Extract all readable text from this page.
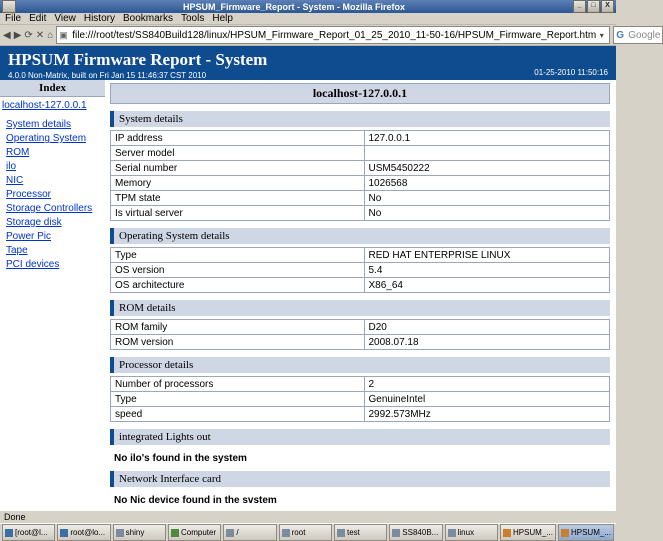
HPSUM_Firmware_Report - System - Mozilla Firefox	_	□	X
File Edit View History Bookmarks Tools Help
◀ ▶ ⟳ ✕ ⌂ ▣ file:///root/test/SS840Build128/linux/HPSUM_Firmware_Report_01_25_2010_11-50-16/HPSUM_Firmware_Report.htm ▾	G Google
HPSUM Firmware Report - System
4.0.0 Non-Matrix, built on Fri Jan 15 11:46:37 CST 2010	01-25-2010 11:50:16
Index
localhost-127.0.0.1
System details
Operating System
ROM
ilo
NIC
Processor
Storage Controllers
Storage disk
Power Pic
Tape
PCI devices
localhost-127.0.0.1
System details
IP address	127.0.0.1
Server model	
Serial number	USM5450222
Memory	1026568
TPM state	No
Is virtual server	No
Operating System details
Type	RED HAT ENTERPRISE LINUX
OS version	5.4
OS architecture	X86_64
ROM details
ROM family	D20
ROM version	2008.07.18
Processor details
Number of processors	2
Type	GenuineIntel
speed	2992.573MHz
integrated Lights out
No ilo's found in the system
Network Interface card
No Nic device found in the svstem
Done
[root@l...	root@lo...	shiny	Computer	/	root	test	SS840B... linux	HPSUM_... HPSUM_...
